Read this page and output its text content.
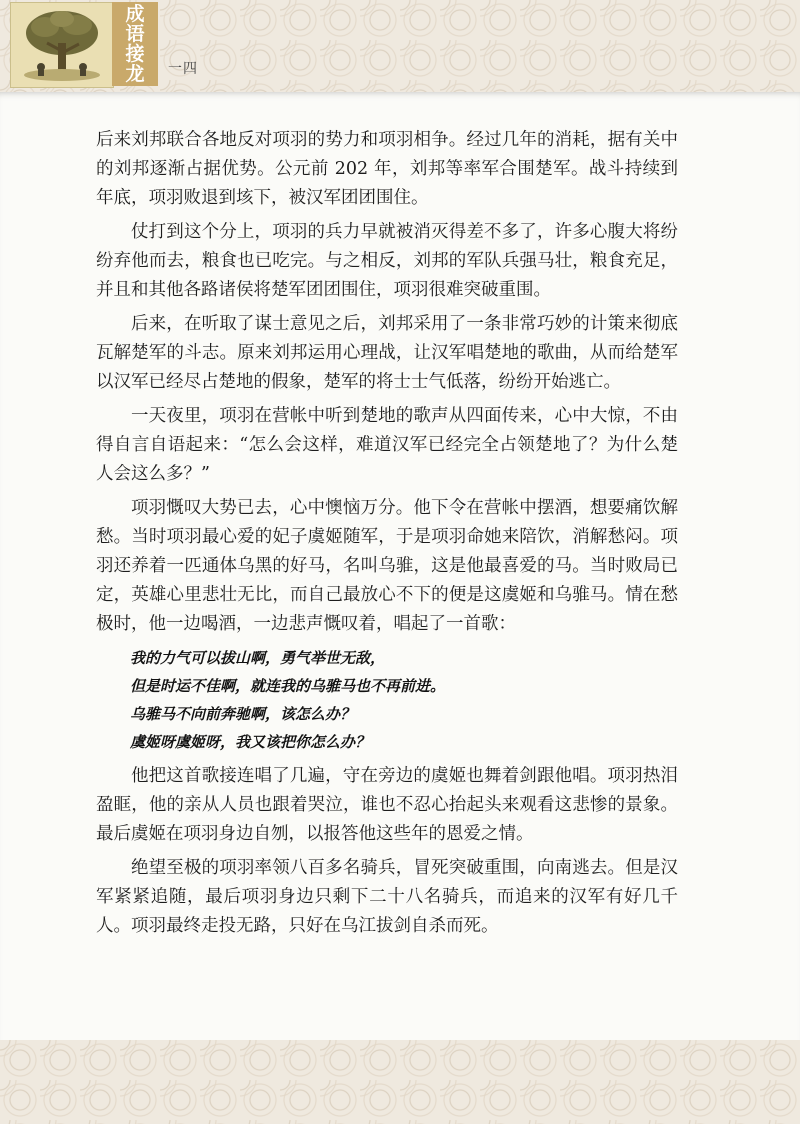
成
语
接
龙 一四

后来刘邦联合各地反对项羽的势力和项羽相争。经过几年的消耗，据有关中的刘邦逐渐占据优势。公元前 202 年，刘邦等率军合围楚军。战斗持续到年底，项羽败退到垓下，被汉军团团围住。

仗打到这个分上，项羽的兵力早就被消灭得差不多了，许多心腹大将纷纷弃他而去，粮食也已吃完。与之相反，刘邦的军队兵强马壮，粮食充足，并且和其他各路诸侯将楚军团团围住，项羽很难突破重围。

后来，在听取了谋士意见之后，刘邦采用了一条非常巧妙的计策来彻底瓦解楚军的斗志。原来刘邦运用心理战，让汉军唱楚地的歌曲，从而给楚军以汉军已经尽占楚地的假象，楚军的将士士气低落，纷纷开始逃亡。

一天夜里，项羽在营帐中听到楚地的歌声从四面传来，心中大惊，不由得自言自语起来：“怎么会这样，难道汉军已经完全占领楚地了？为什么楚人会这么多？”

项羽慨叹大势已去，心中懊恼万分。他下令在营帐中摆酒，想要痛饮解愁。当时项羽最心爱的妃子虞姬随军，于是项羽命她来陪饮，消解愁闷。项羽还养着一匹通体乌黑的好马，名叫乌骓，这是他最喜爱的马。当时败局已定，英雄心里悲壮无比，而自己最放心不下的便是这虞姬和乌骓马。情在愁极时，他一边喝酒，一边悲声慨叹着，唱起了一首歌：

我的力气可以拔山啊，勇气举世无敌，
但是时运不佳啊，就连我的乌骓马也不再前进。
乌骓马不向前奔驰啊，该怎么办？
虞姬呀虞姬呀，我又该把你怎么办？

他把这首歌接连唱了几遍，守在旁边的虞姬也舞着剑跟他唱。项羽热泪盈眶，他的亲从人员也跟着哭泣，谁也不忍心抬起头来观看这悲惨的景象。最后虞姬在项羽身边自刎，以报答他这些年的恩爱之情。

绝望至极的项羽率领八百多名骑兵，冒死突破重围，向南逃去。但是汉军紧紧追随，最后项羽身边只剩下二十八名骑兵，而追来的汉军有好几千人。项羽最终走投无路，只好在乌江拔剑自杀而死。
